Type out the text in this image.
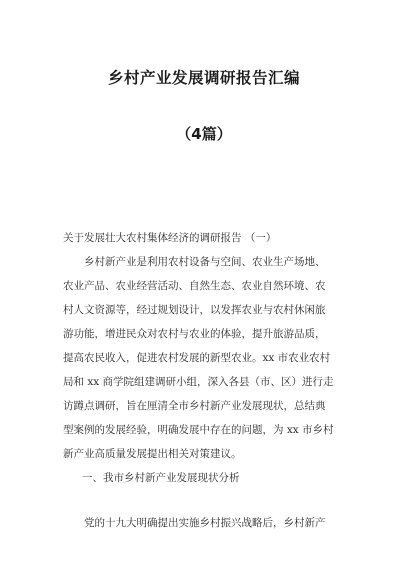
乡村产业发展调研报告汇编
（4篇）
关于发展壮大农村集体经济的调研报告 （一）
乡村新产业是利用农村设备与空间、农业生产场地、
农业产品、农业经营活动、自然生态、农业自然环境、农
村人文资源等，经过规划设计，以发挥农业与农村休闲旅
游功能，增进民众对农村与农业的体验，提升旅游品质，
提高农民收入，促进农村发展的新型农业。xx 市农业农村
局和 xx 商学院组建调研小组，深入各县（市、区）进行走
访蹲点调研，旨在厘清全市乡村新产业发展现状，总结典
型案例的发展经验，明确发展中存在的问题，为 xx 市乡村
新产业高质量发展提出相关对策建议。
一、我市乡村新产业发展现状分析
党的十九大明确提出实施乡村振兴战略后，乡村新产
